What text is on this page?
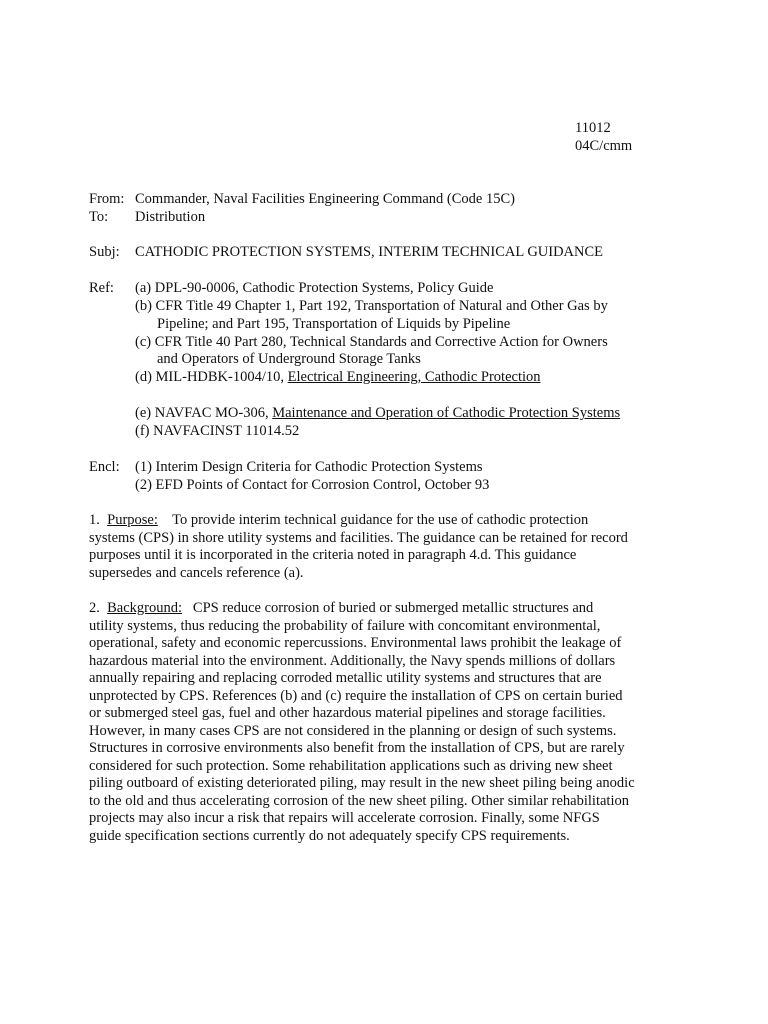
11012
04C/cmm
From: Commander, Naval Facilities Engineering Command (Code 15C)
To: Distribution
Subj: CATHODIC PROTECTION SYSTEMS, INTERIM TECHNICAL GUIDANCE
Ref: (a) DPL-90-0006, Cathodic Protection Systems, Policy Guide
(b) CFR Title 49 Chapter 1, Part 192, Transportation of Natural and Other Gas by
Pipeline; and Part 195, Transportation of Liquids by Pipeline
(c) CFR Title 40 Part 280, Technical Standards and Corrective Action for Owners
and Operators of Underground Storage Tanks
(d) MIL-HDBK-1004/10, Electrical Engineering, Cathodic Protection
(e) NAVFAC MO-306, Maintenance and Operation of Cathodic Protection Systems
(f) NAVFACINST 11014.52
Encl: (1) Interim Design Criteria for Cathodic Protection Systems
(2) EFD Points of Contact for Corrosion Control, October 93
1. Purpose: To provide interim technical guidance for the use of cathodic protection
systems (CPS) in shore utility systems and facilities. The guidance can be retained for record
purposes until it is incorporated in the criteria noted in paragraph 4.d. This guidance
supersedes and cancels reference (a).
2. Background: CPS reduce corrosion of buried or submerged metallic structures and
utility systems, thus reducing the probability of failure with concomitant environmental,
operational, safety and economic repercussions. Environmental laws prohibit the leakage of
hazardous material into the environment. Additionally, the Navy spends millions of dollars
annually repairing and replacing corroded metallic utility systems and structures that are
unprotected by CPS. References (b) and (c) require the installation of CPS on certain buried
or submerged steel gas, fuel and other hazardous material pipelines and storage facilities.
However, in many cases CPS are not considered in the planning or design of such systems.
Structures in corrosive environments also benefit from the installation of CPS, but are rarely
considered for such protection. Some rehabilitation applications such as driving new sheet
piling outboard of existing deteriorated piling, may result in the new sheet piling being anodic
to the old and thus accelerating corrosion of the new sheet piling. Other similar rehabilitation
projects may also incur a risk that repairs will accelerate corrosion. Finally, some NFGS
guide specification sections currently do not adequately specify CPS requirements.
